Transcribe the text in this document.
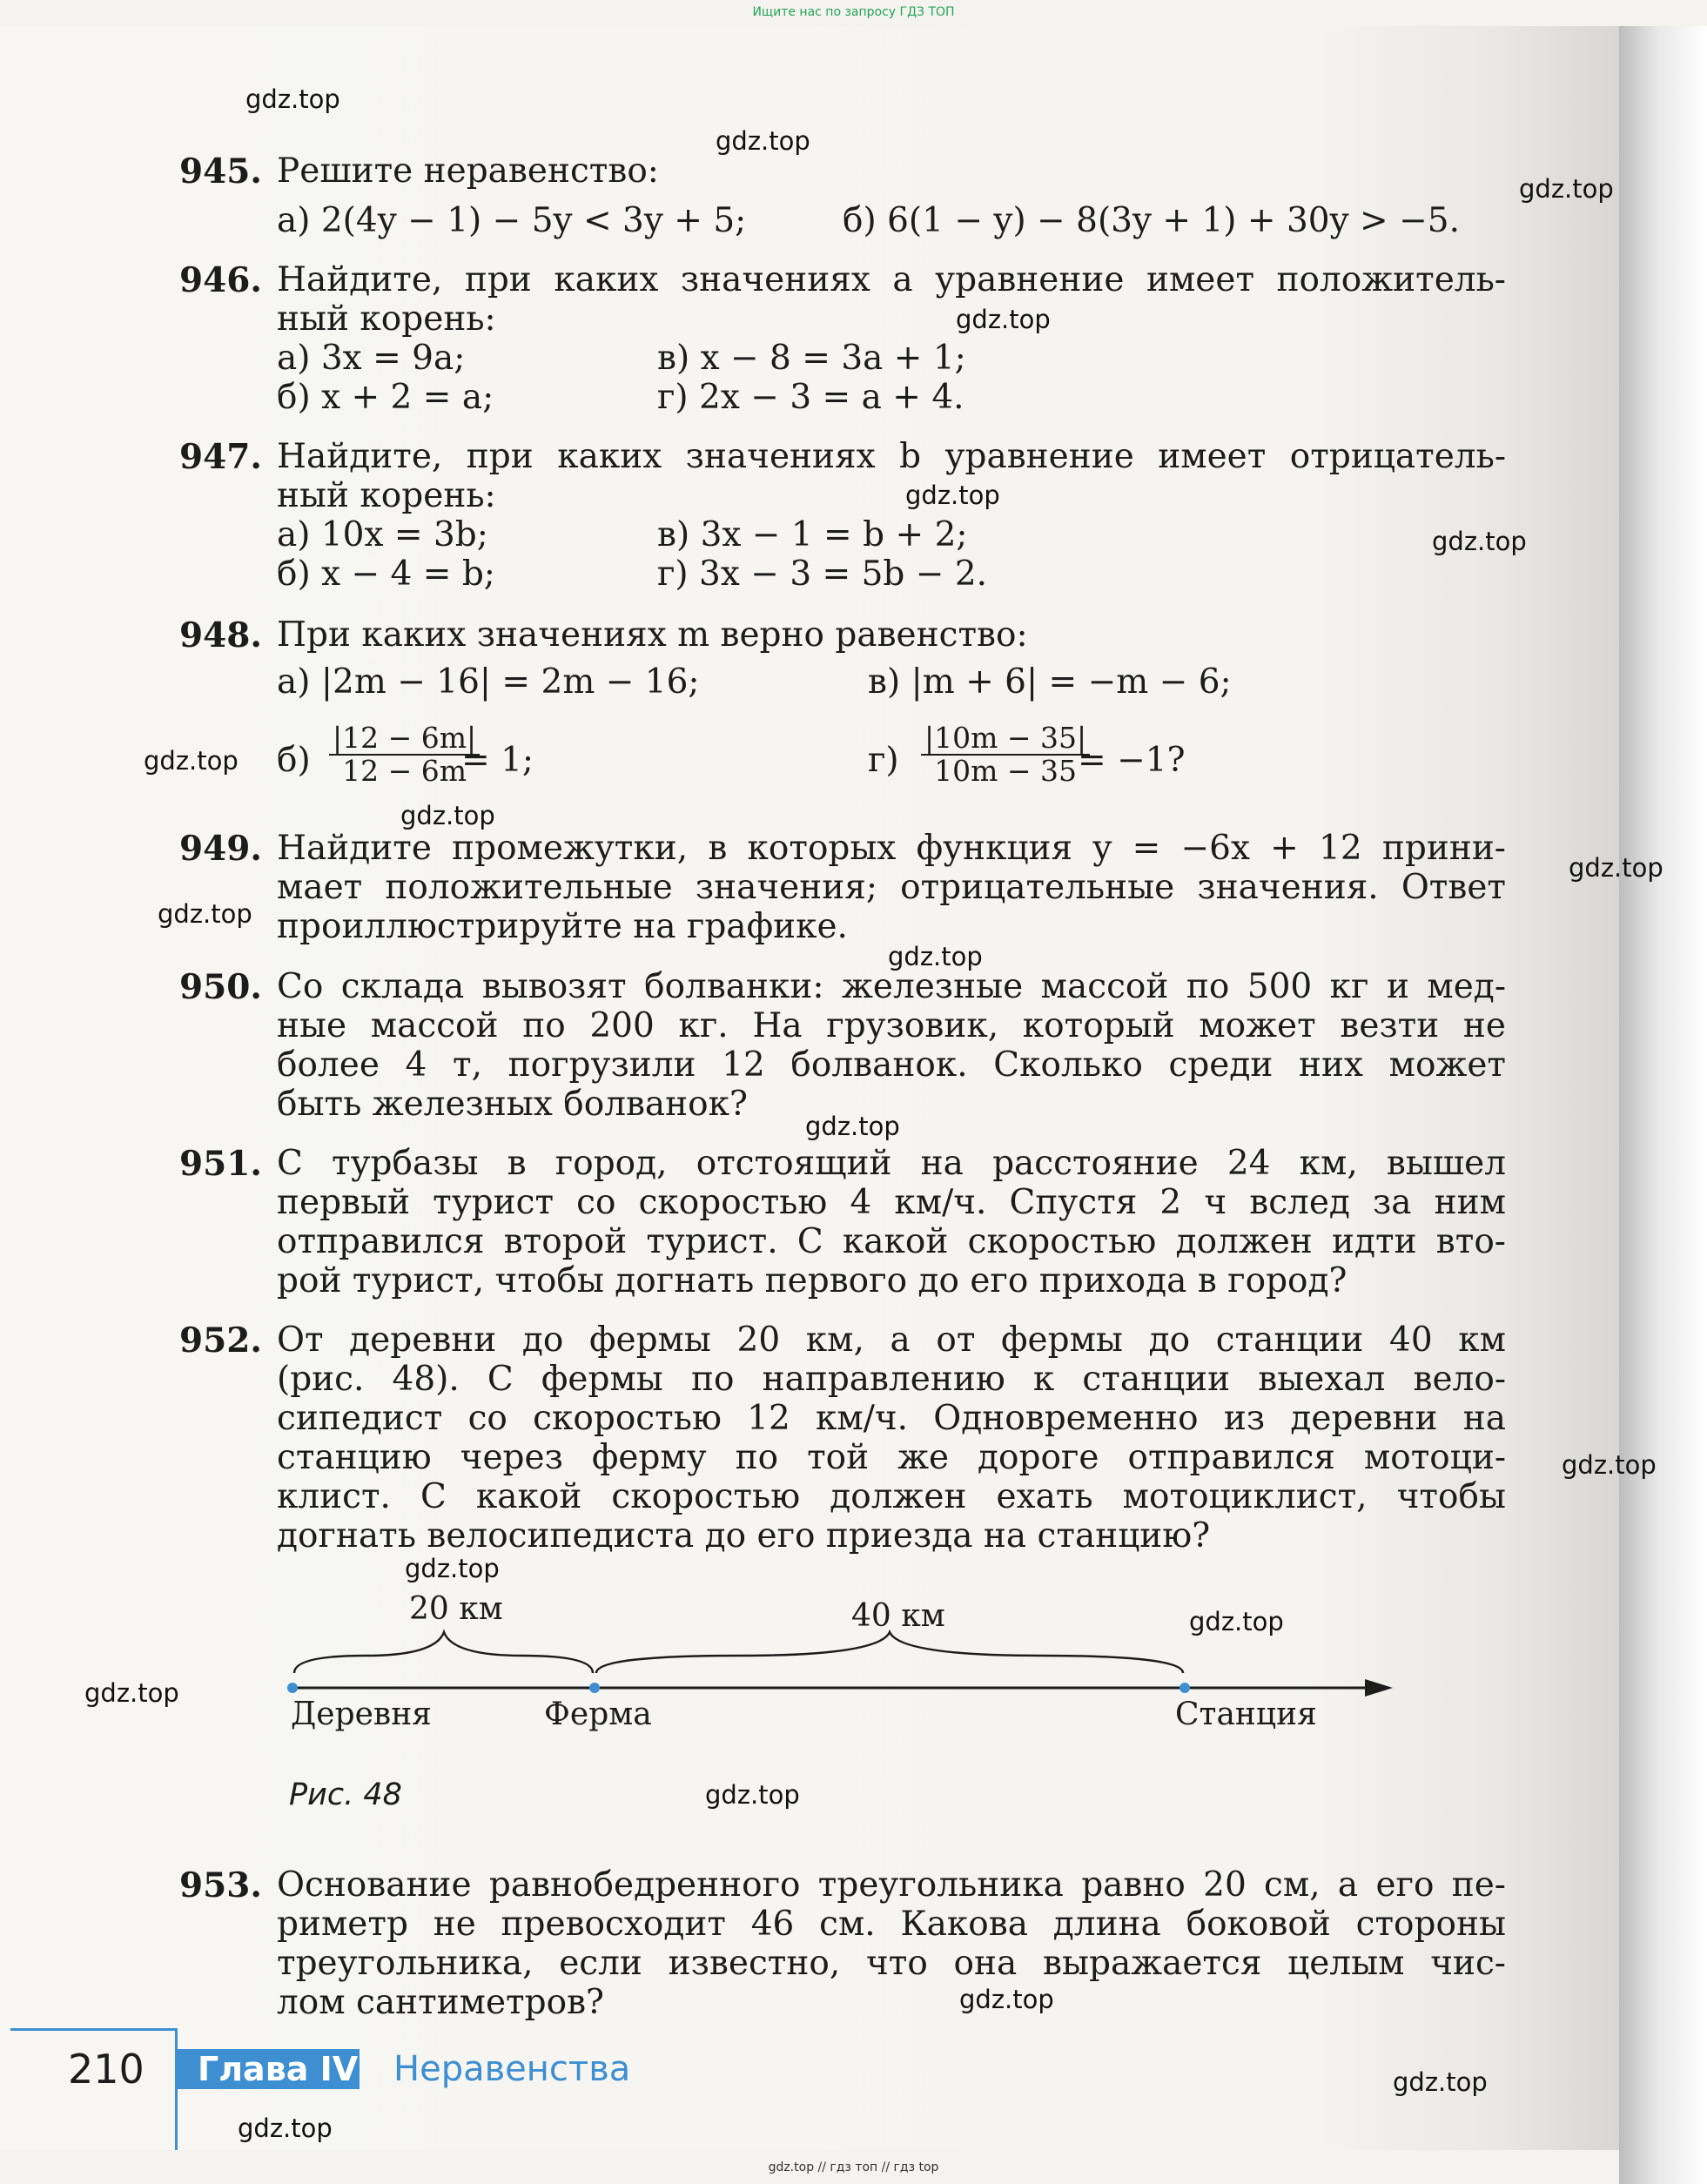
Ищите нас по запросу ГДЗ ТОП
gdz.top
gdz.top
gdz.top
gdz.top
gdz.top
gdz.top
gdz.top
gdz.top
gdz.top
gdz.top
gdz.top
gdz.top
gdz.top
gdz.top
gdz.top
gdz.top
gdz.top
gdz.top
gdz.top
gdz.top
945. Решите неравенство:
а) 2(4y − 1) − 5y < 3y + 5;	б) 6(1 − y) − 8(3y + 1) + 30y > −5.
946. Найдите, при каких значениях a уравнение имеет положитель-
ный корень:
а) 3x = 9a;	в) x − 8 = 3a + 1;
б) x + 2 = a;	г) 2x − 3 = a + 4.
947. Найдите, при каких значениях b уравнение имеет отрицатель-
ный корень:
а) 10x = 3b;	в) 3x − 1 = b + 2;
б) x − 4 = b;	г) 3x − 3 = 5b − 2.
948. При каких значениях m верно равенство:
а) |2m − 16| = 2m − 16;	в) |m + 6| = −m − 6;
$б) \frac{|12 - 6m|}{12 - 6m}$
= 1;	$г) \frac{|10m - 35|}{10m - 35}$
= −1?
949. Найдите промежутки, в которых функция y = −6x + 12 прини-
мает положительные значения; отрицательные значения. Ответ
проиллюстрируйте на графике.
950. Со склада вывозят болванки: железные массой по 500 кг и мед-
ные массой по 200 кг. На грузовик, который может везти не
более 4 т, погрузили 12 болванок. Сколько среди них может
быть железных болванок?
951. С турбазы в город, отстоящий на расстояние 24 км, вышел
первый турист со скоростью 4 км/ч. Спустя 2 ч вслед за ним
отправился второй турист. С какой скоростью должен идти вто-
рой турист, чтобы догнать первого до его прихода в город?
952. От деревни до фермы 20 км, а от фермы до станции 40 км
(рис. 48). С фермы по направлению к станции выехал вело-
сипедист со скоростью 12 км/ч. Одновременно из деревни на
станцию через ферму по той же дороге отправился мотоци-
клист. С какой скоростью должен ехать мотоциклист, чтобы
догнать велосипедиста до его приезда на станцию?
20 км	40 км
Деревня	Ферма	Станция
Рис. 48
953. Основание равнобедренного треугольника равно 20 см, а его пе-
риметр не превосходит 46 см. Какова длина боковой стороны
треугольника, если известно, что она выражается целым чис-
лом сантиметров?
210	Глава IV Неравенства
gdz.top // гдз топ // гдз top
